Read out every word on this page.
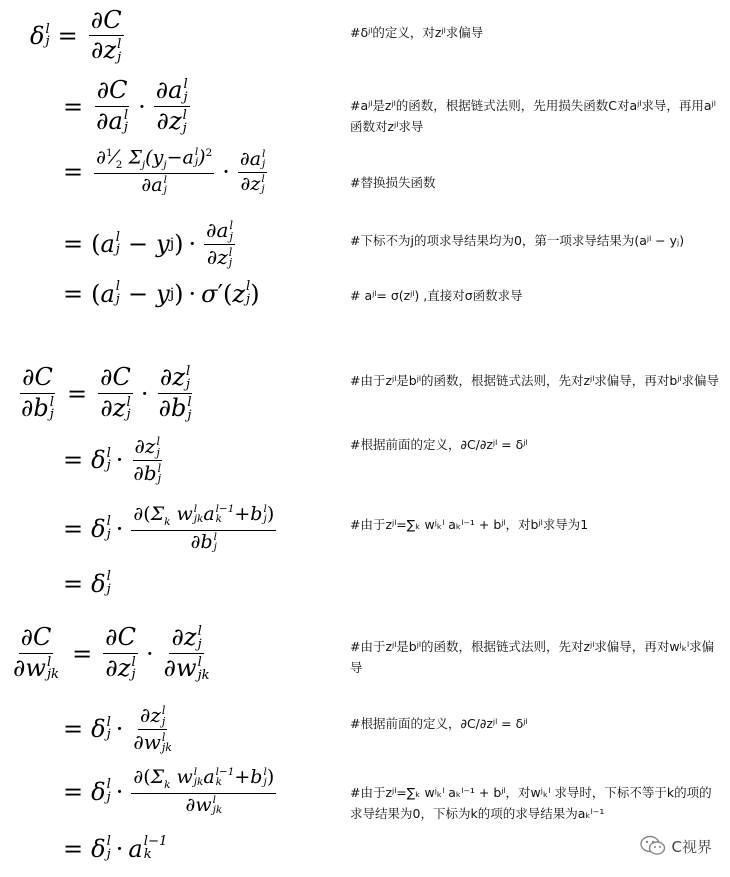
δ l
j = ∂C
∂z l
j
= ∂C
∂a l
j · ∂a l
j
∂z l
j
= $\partial^1⁄_2$ $\Sigma_j(y_j-a$ l
j )$^2$
∂a l
j · ∂a l
j
∂z l
j
= ( a l
j − y j ) · ∂a l
j
∂z l
j
= ( a l
j − y j ) · σ ′( z l
j )
∂C
∂b l
j = ∂C
∂z l
j · ∂z l
j
∂b l
j
= δ l
j · ∂z l
j
∂b l
j
= δ l
$j \cdot \partial(\Sigma_k$ w l
jk a l−1
k +b l
j )
∂b l
j
= δ l
j
∂C
∂w l
jk = ∂C
∂z l
j · ∂z l
j
∂w l
jk
= δ l
j · ∂z l
j
∂w l
jk
= δ l
$j \cdot \partial(\Sigma_k$ w l
jk a l−1
k +b l
j )
∂w l
jk
= δ l
j · a l−1
k
#δʲˡ的定义，对zʲˡ求偏导
#aʲˡ是zʲˡ的函数，根据链式法则，先用损失函数C对aʲˡ求导，再用aʲˡ函数对zʲˡ求导
#替换损失函数
#下标不为j的项求导结果均为0，第一项求导结果为(aʲˡ − yⱼ)
# aʲˡ= σ(zʲˡ) ,直接对σ函数求导
#由于zʲˡ是bʲˡ的函数，根据链式法则，先对zʲˡ求偏导，再对bʲˡ求偏导
#根据前面的定义，∂C/∂zʲˡ = δʲˡ
#由于zʲˡ=∑ₖ wʲₖˡ aₖˡ⁻¹ + bʲˡ，对bʲˡ求导为1
#由于zʲˡ是bʲˡ的函数，根据链式法则，先对zʲˡ求偏导，再对wʲₖˡ求偏导
#根据前面的定义，∂C/∂zʲˡ = δʲˡ
#由于zʲˡ=∑ₖ wʲₖˡ aₖˡ⁻¹ + bʲˡ，对wʲₖˡ 求导时，下标不等于k的项的求导结果为0，下标为k的项的求导结果为aₖˡ⁻¹
C视界
